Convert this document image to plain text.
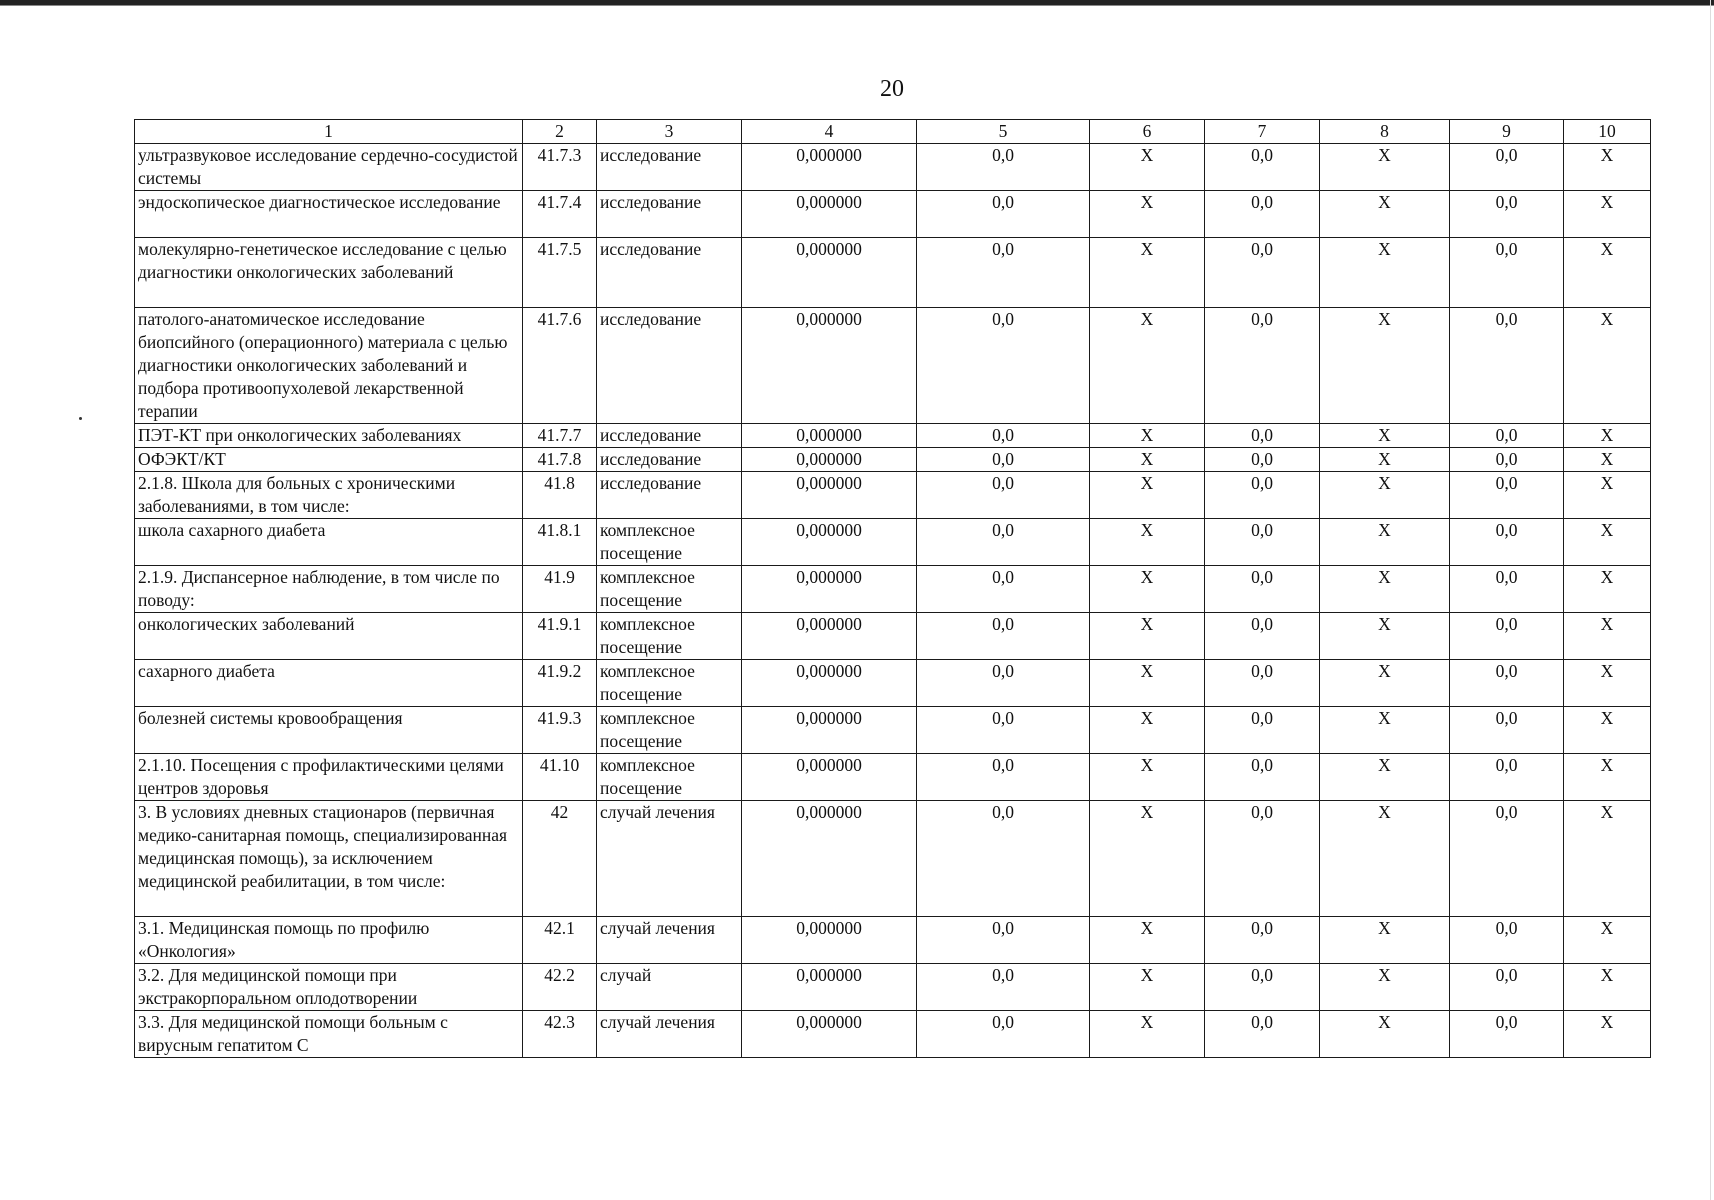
20
1	2	3	4	5	6	7	8	9	10
ультразвуковое исследование сердечно-сосудистой системы	41.7.3	исследование	0,000000	0,0	X	0,0	X	0,0	X
эндоскопическое диагностическое исследование	41.7.4	исследование	0,000000	0,0	X	0,0	X	0,0	X
молекулярно-генетическое исследование с целью диагностики онкологических заболеваний	41.7.5	исследование	0,000000	0,0	X	0,0	X	0,0	X
патолого-анатомическое исследование биопсийного (операционного) материала с целью диагностики онкологических заболеваний и подбора противоопухолевой лекарственной терапии	41.7.6	исследование	0,000000	0,0	X	0,0	X	0,0	X
ПЭТ-КТ при онкологических заболеваниях	41.7.7	исследование	0,000000	0,0	X	0,0	X	0,0	X
ОФЭКТ/КТ	41.7.8	исследование	0,000000	0,0	X	0,0	X	0,0	X
2.1.8. Школа для больных с хроническими заболеваниями, в том числе:	41.8	исследование	0,000000	0,0	X	0,0	X	0,0	X
школа сахарного диабета	41.8.1	комплексное посещение	0,000000	0,0	X	0,0	X	0,0	X
2.1.9. Диспансерное наблюдение, в том числе по поводу:	41.9	комплексное посещение	0,000000	0,0	X	0,0	X	0,0	X
онкологических заболеваний	41.9.1	комплексное посещение	0,000000	0,0	X	0,0	X	0,0	X
сахарного диабета	41.9.2	комплексное посещение	0,000000	0,0	X	0,0	X	0,0	X
болезней системы кровообращения	41.9.3	комплексное посещение	0,000000	0,0	X	0,0	X	0,0	X
2.1.10. Посещения с профилактическими целями центров здоровья	41.10	комплексное посещение	0,000000	0,0	X	0,0	X	0,0	X
3. В условиях дневных стационаров (первичная медико-санитарная помощь, специализированная медицинская помощь), за исключением медицинской реабилитации, в том числе:	42	случай лечения	0,000000	0,0	X	0,0	X	0,0	X
3.1. Медицинская помощь по профилю «Онкология»	42.1	случай лечения	0,000000	0,0	X	0,0	X	0,0	X
3.2. Для медицинской помощи при экстракорпоральном оплодотворении	42.2	случай	0,000000	0,0	X	0,0	X	0,0	X
3.3. Для медицинской помощи больным с вирусным гепатитом С	42.3	случай лечения	0,000000	0,0	X	0,0	X	0,0	X
